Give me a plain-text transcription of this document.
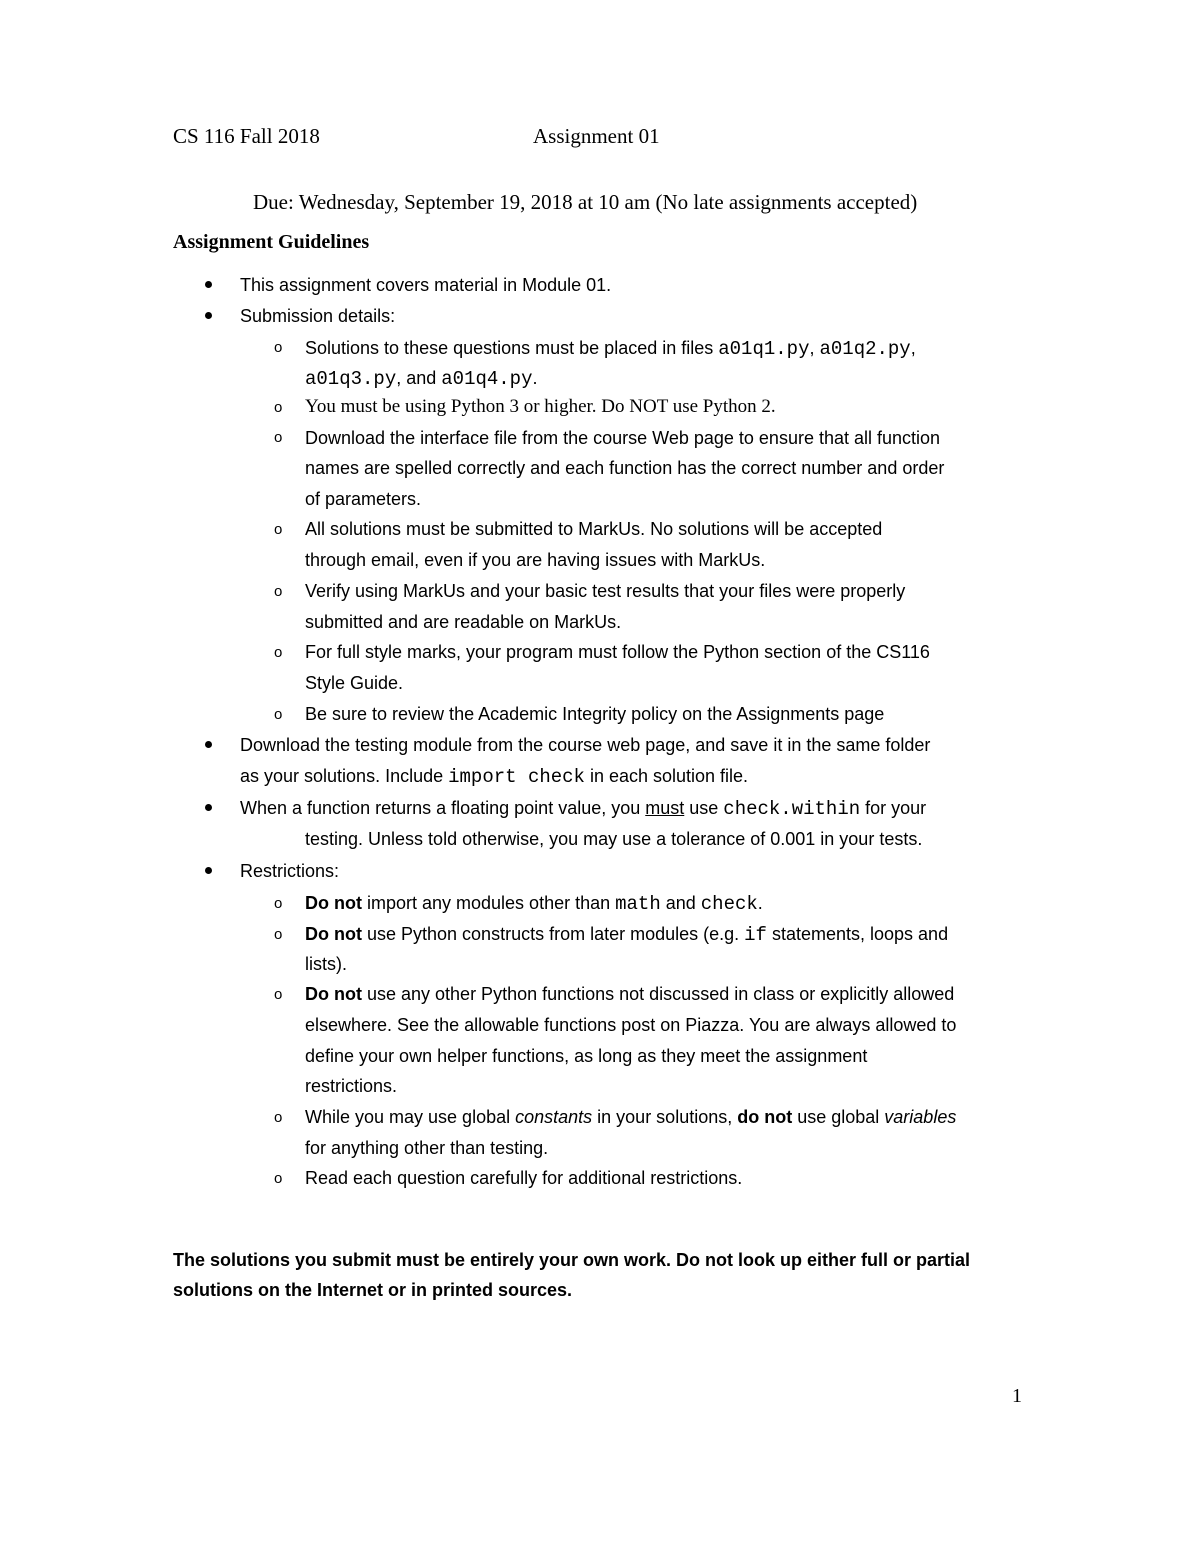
CS 116 Fall 2018	Assignment 01
Due: Wednesday, September 19, 2018 at 10 am (No late assignments accepted)
Assignment Guidelines
This assignment covers material in Module 01.
Submission details:
o Solutions to these questions must be placed in files a01q1.py, a01q2.py,
a01q3.py, and a01q4.py.
o You must be using Python 3 or higher. Do NOT use Python 2.
o Download the interface file from the course Web page to ensure that all function
names are spelled correctly and each function has the correct number and order
of parameters.
o All solutions must be submitted to MarkUs. No solutions will be accepted
through email, even if you are having issues with MarkUs.
o Verify using MarkUs and your basic test results that your files were properly
submitted and are readable on MarkUs.
o For full style marks, your program must follow the Python section of the CS116
Style Guide.
o Be sure to review the Academic Integrity policy on the Assignments page
Download the testing module from the course web page, and save it in the same folder
as your solutions. Include import check in each solution file.
When a function returns a floating point value, you must use check.within for your
testing. Unless told otherwise, you may use a tolerance of 0.001 in your tests.
Restrictions:
o Do not import any modules other than math and check.
o Do not use Python constructs from later modules (e.g. if statements, loops and
lists).
o Do not use any other Python functions not discussed in class or explicitly allowed
elsewhere. See the allowable functions post on Piazza. You are always allowed to
define your own helper functions, as long as they meet the assignment
restrictions.
o While you may use global constants in your solutions, do not use global variables
for anything other than testing.
o Read each question carefully for additional restrictions.
The solutions you submit must be entirely your own work. Do not look up either full or partial
solutions on the Internet or in printed sources.
1
